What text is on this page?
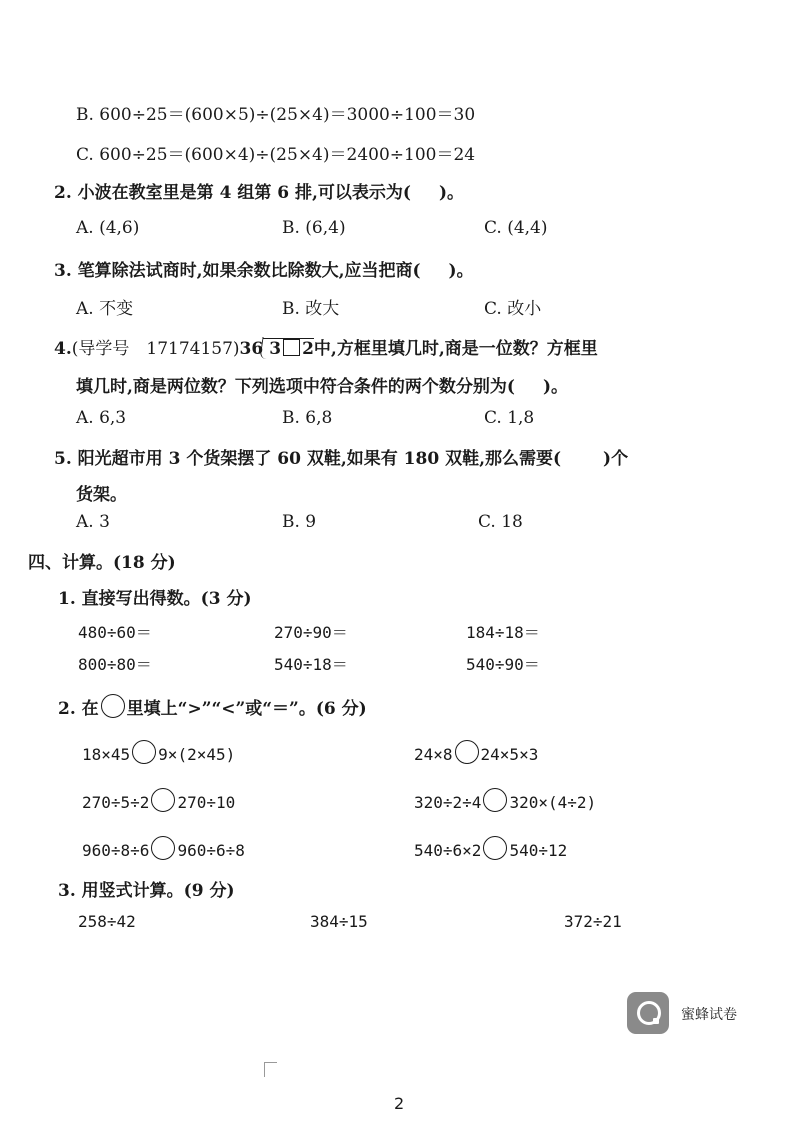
B. 600÷25＝(600×5)÷(25×4)＝3000÷100＝30
C. 600÷25＝(600×4)÷(25×4)＝2400÷100＝24
2. 小波在教室里是第 4 组第 6 排,可以表示为( )。
A. (4,6)	B. (6,4)	C. (4,4)
3. 笔算除法试商时,如果余数比除数大,应当把商( )。
A. 不变	B. 改大	C. 改小
4.(导学号　17174157)36 3 2中,方框里填几时,商是一位数？方框里
填几时,商是两位数？下列选项中符合条件的两个数分别为( )。
A. 6,3	B. 6,8	C. 1,8
5. 阳光超市用 3 个货架摆了 60 双鞋,如果有 180 双鞋,那么需要( )个
货架。
A. 3	B. 9	C. 18
四、计算。(18 分)
1. 直接写出得数。(3 分)
480÷60＝	270÷90＝	184÷18＝
800÷80＝	540÷18＝	540÷90＝
2. 在 里填上“>”“<”或“＝”。(6 分)
18×45 9×(2×45)	24×8 24×5×3
270÷5÷2 270÷10	320÷2÷4 320×(4÷2)
960÷8÷6 960÷6÷8	540÷6×2 540÷12
3. 用竖式计算。(9 分)
258÷42	384÷15	372÷21
蜜蜂试卷
2
